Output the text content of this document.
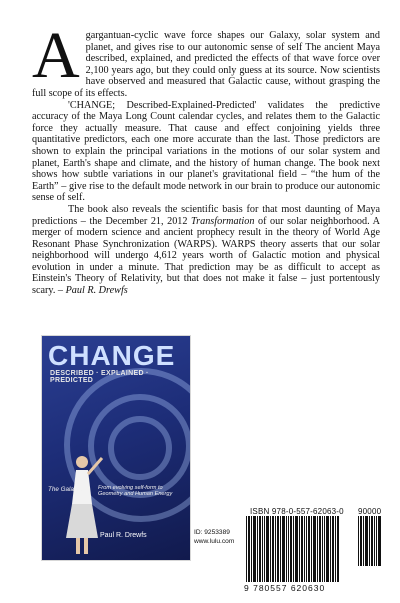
A gargantuan-cyclic wave force shapes our Galaxy, solar system and planet, and gives rise to our autonomic sense of self The ancient Maya described, explained, and predicted the effects of that wave force over 2,100 years ago, but they could only guess at its source. Now scientists have observed and measured that Galactic cause, without grasping the full scope of its effects.

'CHANGE; Described-Explained-Predicted' validates the predictive accuracy of the Maya Long Count calendar cycles, and relates them to the Galactic force they actually measure. That cause and effect conjoining yields three quantitative predictors, each one more accurate than the last. Those predictors are shown to explain the principal variations in the motions of our solar system and planet, Earth's shape and climate, and the history of human change. The book next shows how subtle variations in our planet's gravitational field – “the hum of the Earth” – give rise to the default mode network in our brain to produce our autonomic sense of self.

The book also reveals the scientific basis for that most daunting of Maya predictions – the December 21, 2012 Transformation of our solar neighborhood. A merger of modern science and ancient prophecy result in the theory of World Age Resonant Phase Synchronization (WARPS). WARPS theory asserts that our solar neighborhood will undergo 4,612 years worth of Galactic motion and physical evolution in under a minute. That prediction may be as difficult to accept as Einstein's Theory of Relativity, but that does not make it false – just portentously scary. – Paul R. Drewfs

CHANGE
DESCRIBED · EXPLAINED · PREDICTED
The Galactic	From evolving self-form to Geometry and Human Energy
Paul R. Drewfs	ID: 9253389
www.lulu.com
ISBN 978-0-557-62063-0 90000
9 780557 620630
